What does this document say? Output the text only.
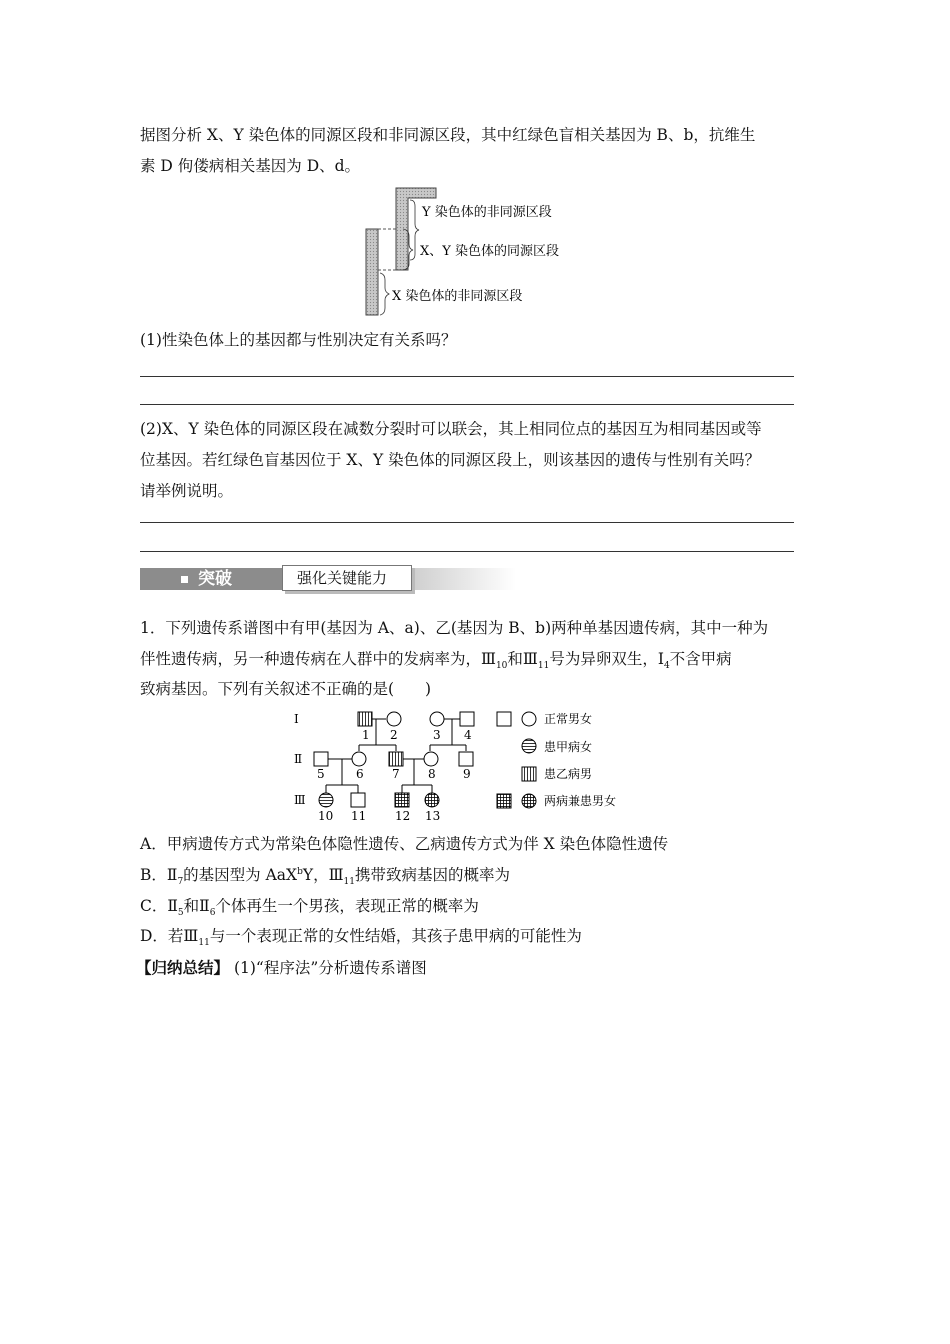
据图分析 X、Y 染色体的同源区段和非同源区段，其中红绿色盲相关基因为 B、b，抗维生
素 D 佝偻病相关基因为 D、d。
Y 染色体的非同源区段
X、Y 染色体的同源区段
X 染色体的非同源区段
(1)性染色体上的基因都与性别决定有关系吗？
(2)X、Y 染色体的同源区段在减数分裂时可以联会，其上相同位点的基因互为相同基因或等
位基因。若红绿色盲基因位于 X、Y 染色体的同源区段上，则该基因的遗传与性别有关吗？
请举例说明。
突破	强化关键能力
1．下列遗传系谱图中有甲(基因为 A、a)、乙(基因为 B、b)两种单基因遗传病，其中一种为
伴性遗传病，另一种遗传病在人群中的发病率为，$Ⅲ_{10}$和$Ⅲ_{11}$号为异卵双生，$Ⅰ_4$不含甲病
致病基因。下列有关叙述不正确的是(　　)
Ⅰ
Ⅱ
Ⅲ
1 2	3 4
5	6 7 8 9
10 11 12 13
正常男女
患甲病女
患乙病男
两病兼患男女
A．甲病遗传方式为常染色体隐性遗传、乙病遗传方式为伴 X 染色体隐性遗传
B．$Ⅱ_7$的基因型为 AaX$^b$Y，$Ⅲ_{11}$携带致病基因的概率为
C．$Ⅱ_5$和$Ⅱ_6$个体再生一个男孩，表现正常的概率为
D．若$Ⅲ_{11}$与一个表现正常的女性结婚，其孩子患甲病的可能性为
【归纳总结】 (1)“程序法”分析遗传系谱图
